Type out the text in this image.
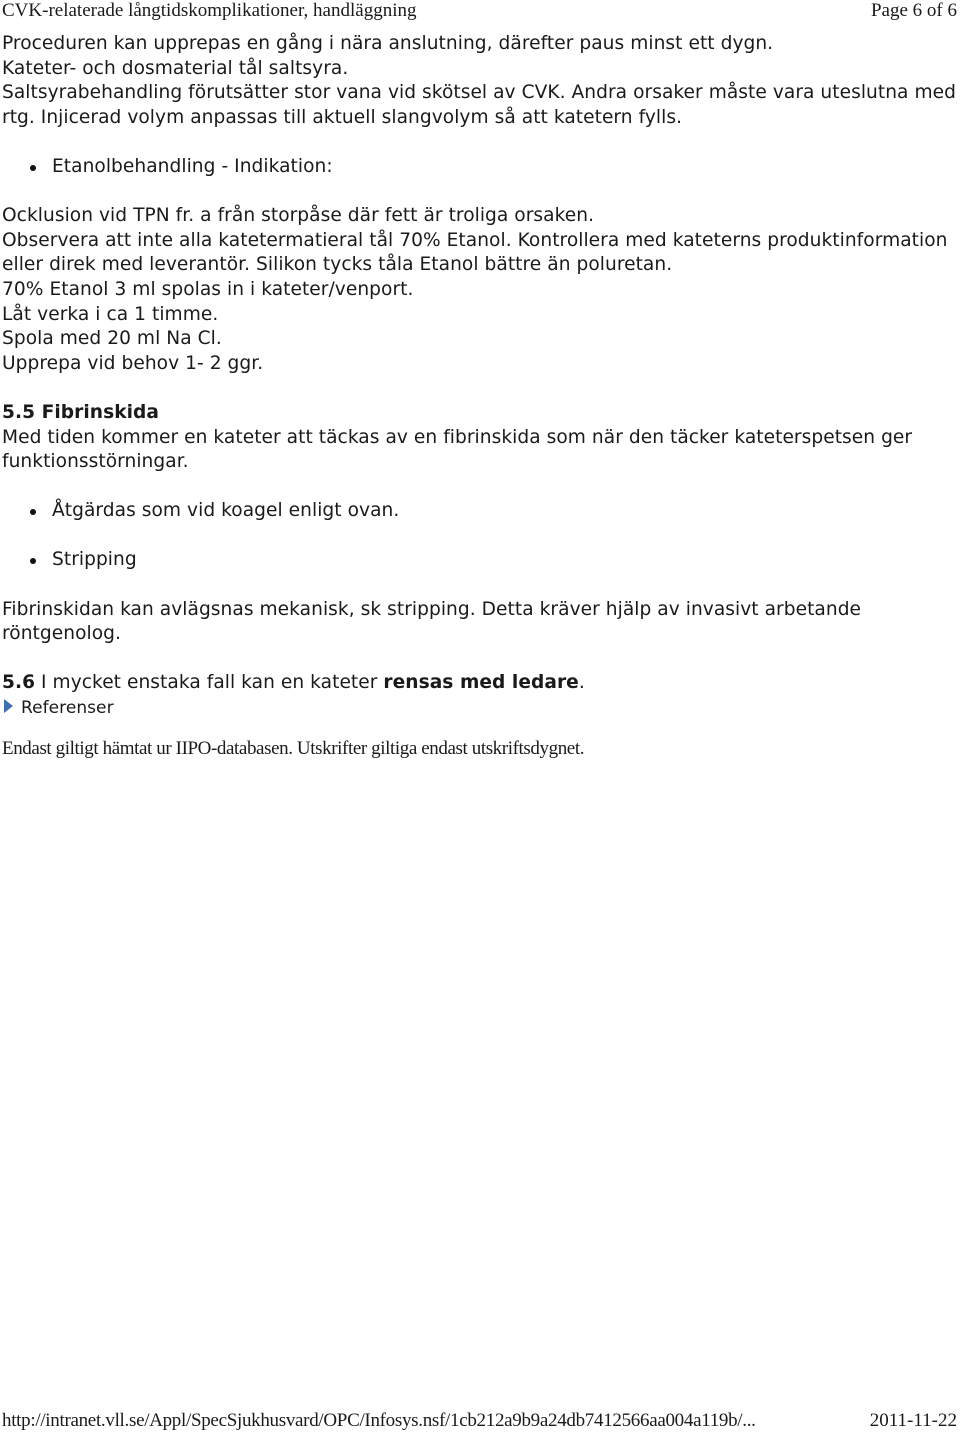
CVK-relaterade långtidskomplikationer, handläggning	Page 6 of 6

Proceduren kan upprepas en gång i nära anslutning, därefter paus minst ett dygn.

Kateter- och dosmaterial tål saltsyra.

Saltsyrabehandling förutsätter stor vana vid skötsel av CVK. Andra orsaker måste vara uteslutna med rtg. Injicerad volym anpassas till aktuell slangvolym så att katetern fylls.

Etanolbehandling - Indikation:

Ocklusion vid TPN fr. a från storpåse där fett är troliga orsaken.

Observera att inte alla katetermatieral tål 70% Etanol. Kontrollera med kateterns produktinformation eller direk med leverantör. Silikon tycks tåla Etanol bättre än poluretan.

70% Etanol 3 ml spolas in i kateter/venport.

Låt verka i ca 1 timme.

Spola med 20 ml Na Cl.

Upprepa vid behov 1- 2 ggr.

5.5 Fibrinskida

Med tiden kommer en kateter att täckas av en fibrinskida som när den täcker kateterspetsen ger funktionsstörningar.

Åtgärdas som vid koagel enligt ovan.

Stripping

Fibrinskidan kan avlägsnas mekanisk, sk stripping. Detta kräver hjälp av invasivt arbetande röntgenolog.

5.6 I mycket enstaka fall kan en kateter rensas med ledare.

Referenser
Endast giltigt hämtat ur IIPO-databasen. Utskrifter giltiga endast utskriftsdygnet.
http://intranet.vll.se/Appl/SpecSjukhusvard/OPC/Infosys.nsf/1cb212a9b9a24db7412566aa004a119b/...	2011-11-22
